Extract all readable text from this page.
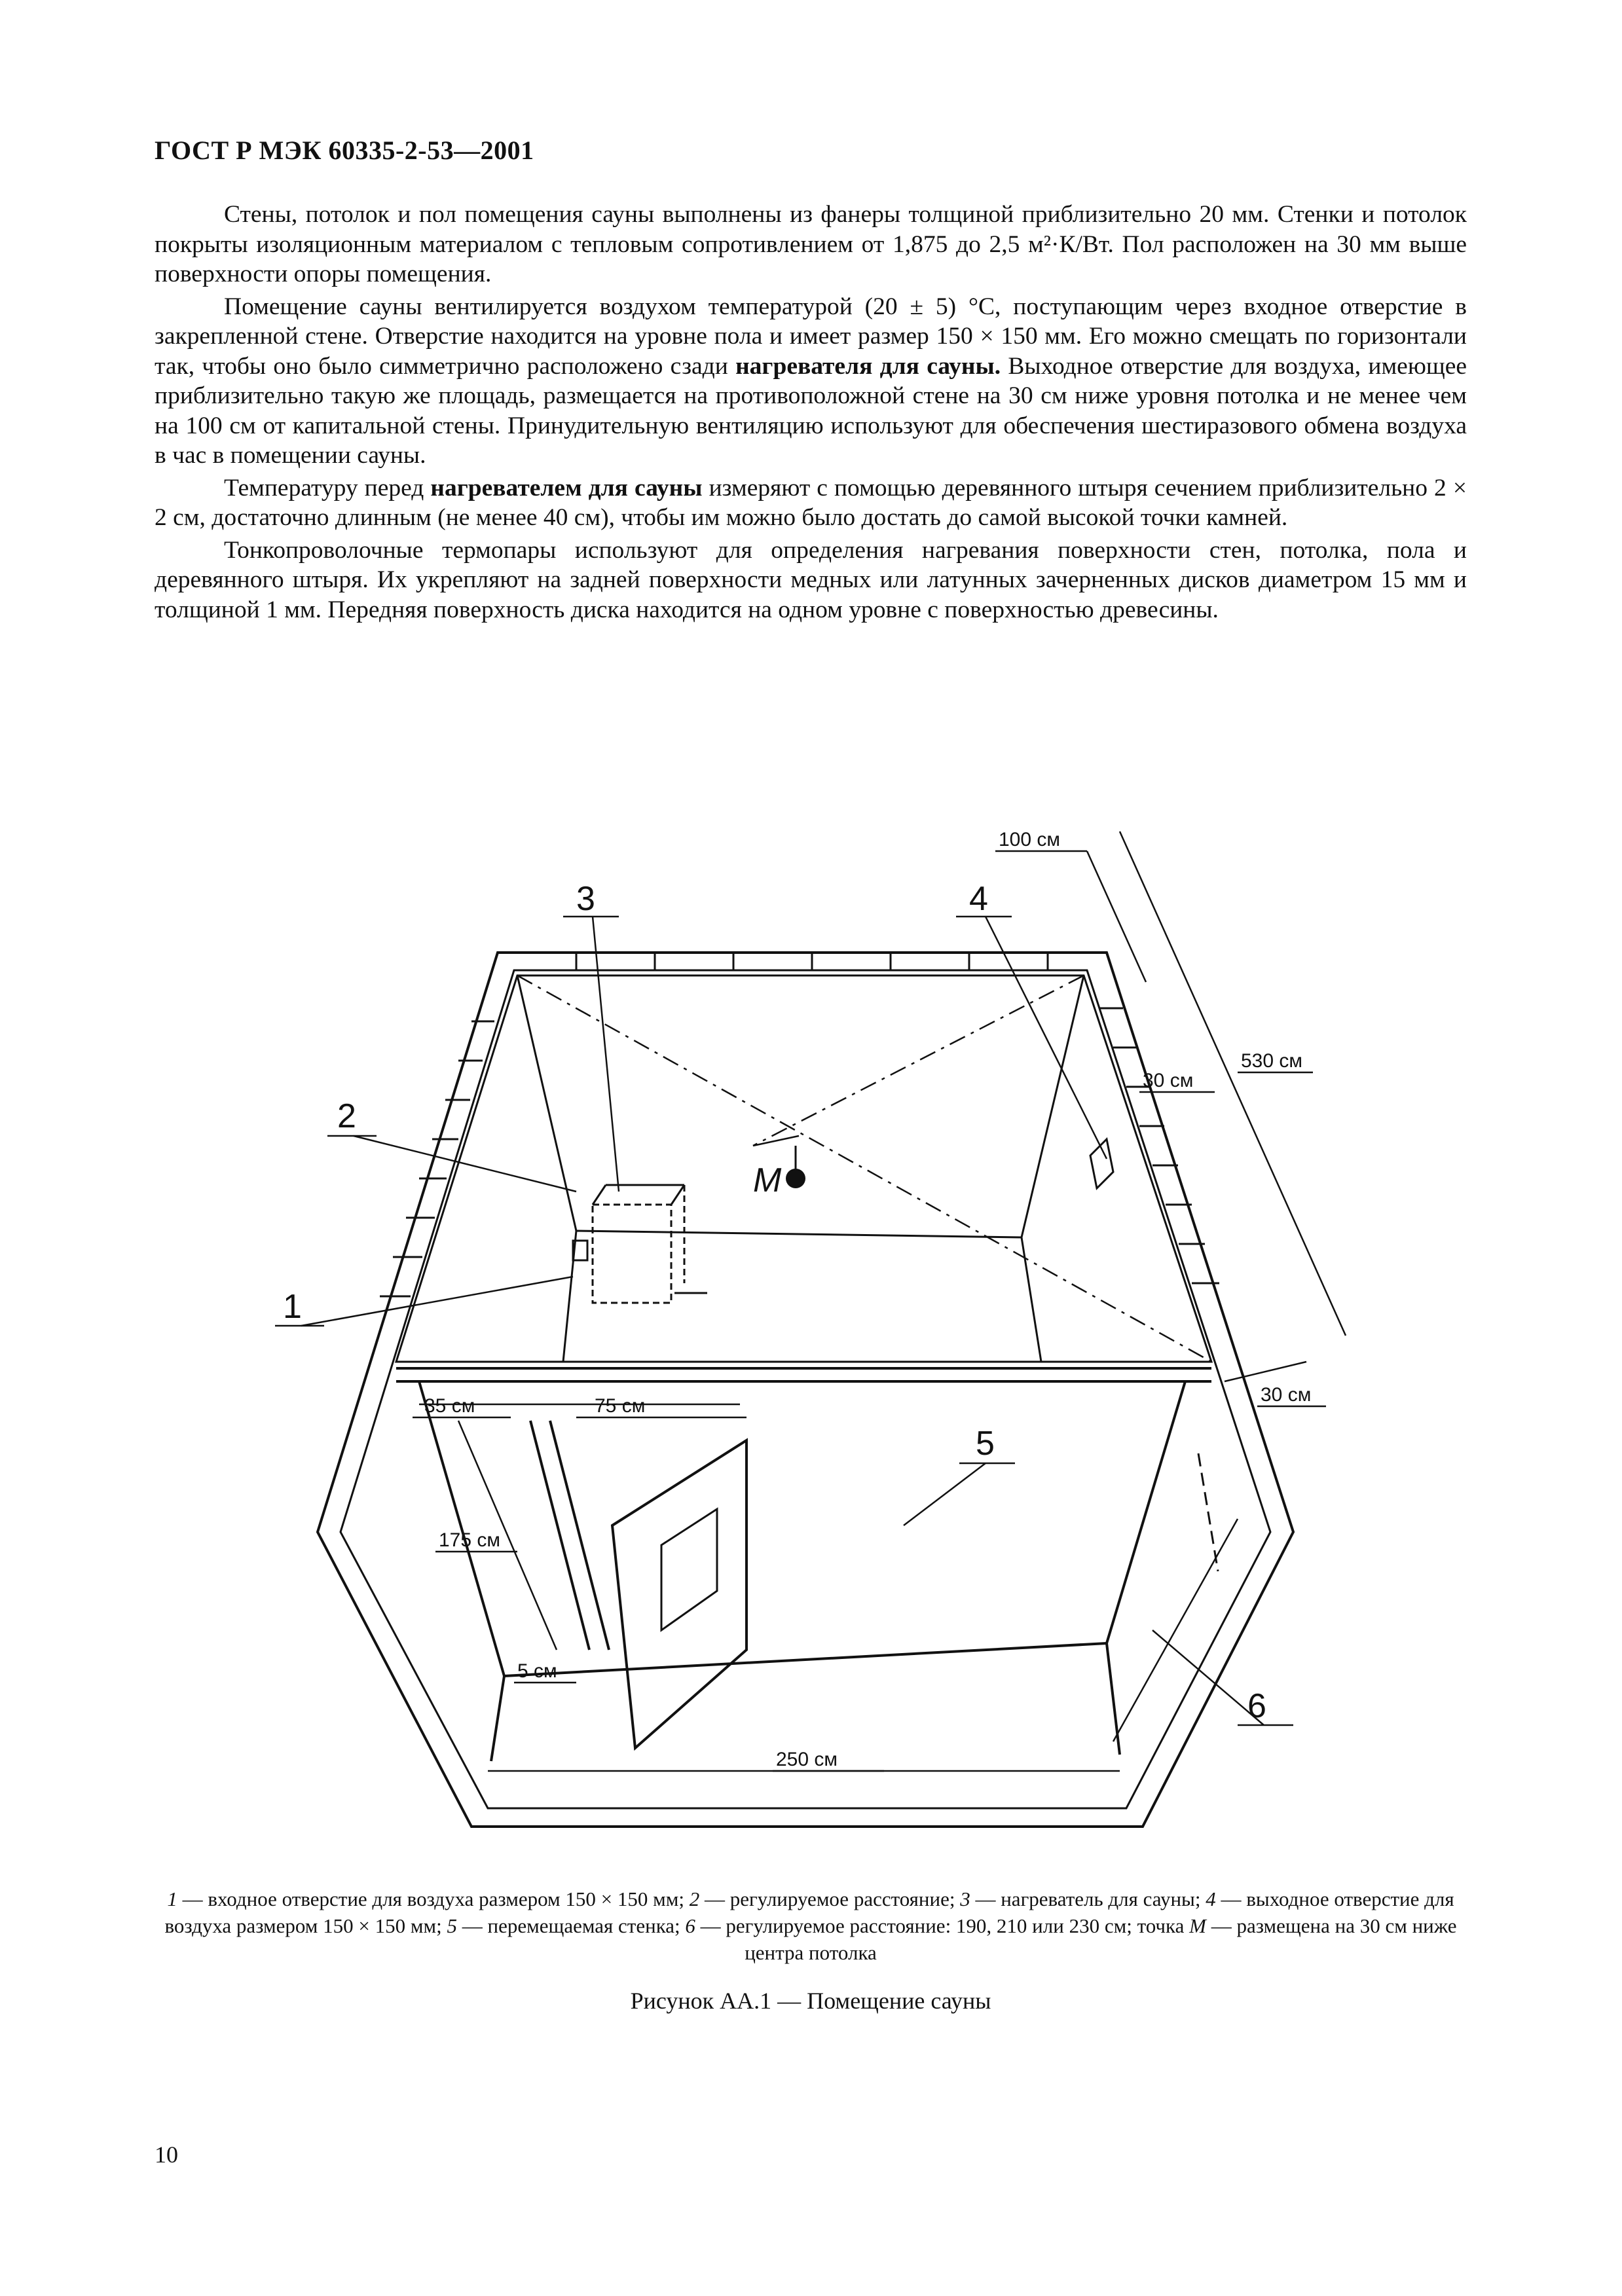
ГОСТ Р МЭК 60335-2-53—2001

Стены, потолок и пол помещения сауны выполнены из фанеры толщиной приблизительно 20 мм. Стенки и потолок покрыты изоляционным материалом с тепловым сопротивлением от 1,875 до 2,5 м²·К/Вт. Пол расположен на 30 мм выше поверхности опоры помещения.

Помещение сауны вентилируется воздухом температурой (20 ± 5) °С, поступающим через входное отверстие в закрепленной стене. Отверстие находится на уровне пола и имеет размер 150 × 150 мм. Его можно смещать по горизонтали так, чтобы оно было симметрично расположено сзади нагревателя для сауны. Выходное отверстие для воздуха, имеющее приблизительно такую же площадь, размещается на противоположной стене на 30 см ниже уровня потолка и не менее чем на 100 см от капитальной стены. Принудительную вентиляцию используют для обеспечения шестиразового обмена воздуха в час в помещении сауны.

Температуру перед нагревателем для сауны измеряют с помощью деревянного штыря сечением приблизительно 2 × 2 см, достаточно длинным (не менее 40 см), чтобы им можно было достать до самой высокой точки камней.

Тонкопроволочные термопары используют для определения нагревания поверхности стен, потолка, пола и деревянного штыря. Их укрепляют на задней поверхности медных или латунных зачерненных дисков диаметром 15 мм и толщиной 1 мм. Передняя поверхность диска находится на одном уровне с поверхностью древесины.

3	4
2
1
5
6
M
100 см
530 см
30 см
30 см
35 см	75 см
175 см
5 см
250 см
1 — входное отверстие для воздуха размером 150 × 150 мм; 2 — регулируемое расстояние; 3 — нагреватель для сауны; 4 — выходное отверстие для воздуха размером 150 × 150 мм; 5 — перемещаемая стенка; 6 — регулируемое расстояние: 190, 210 или 230 см; точка M — размещена на 30 см ниже центра потолка
Рисунок АА.1 — Помещение сауны
10
